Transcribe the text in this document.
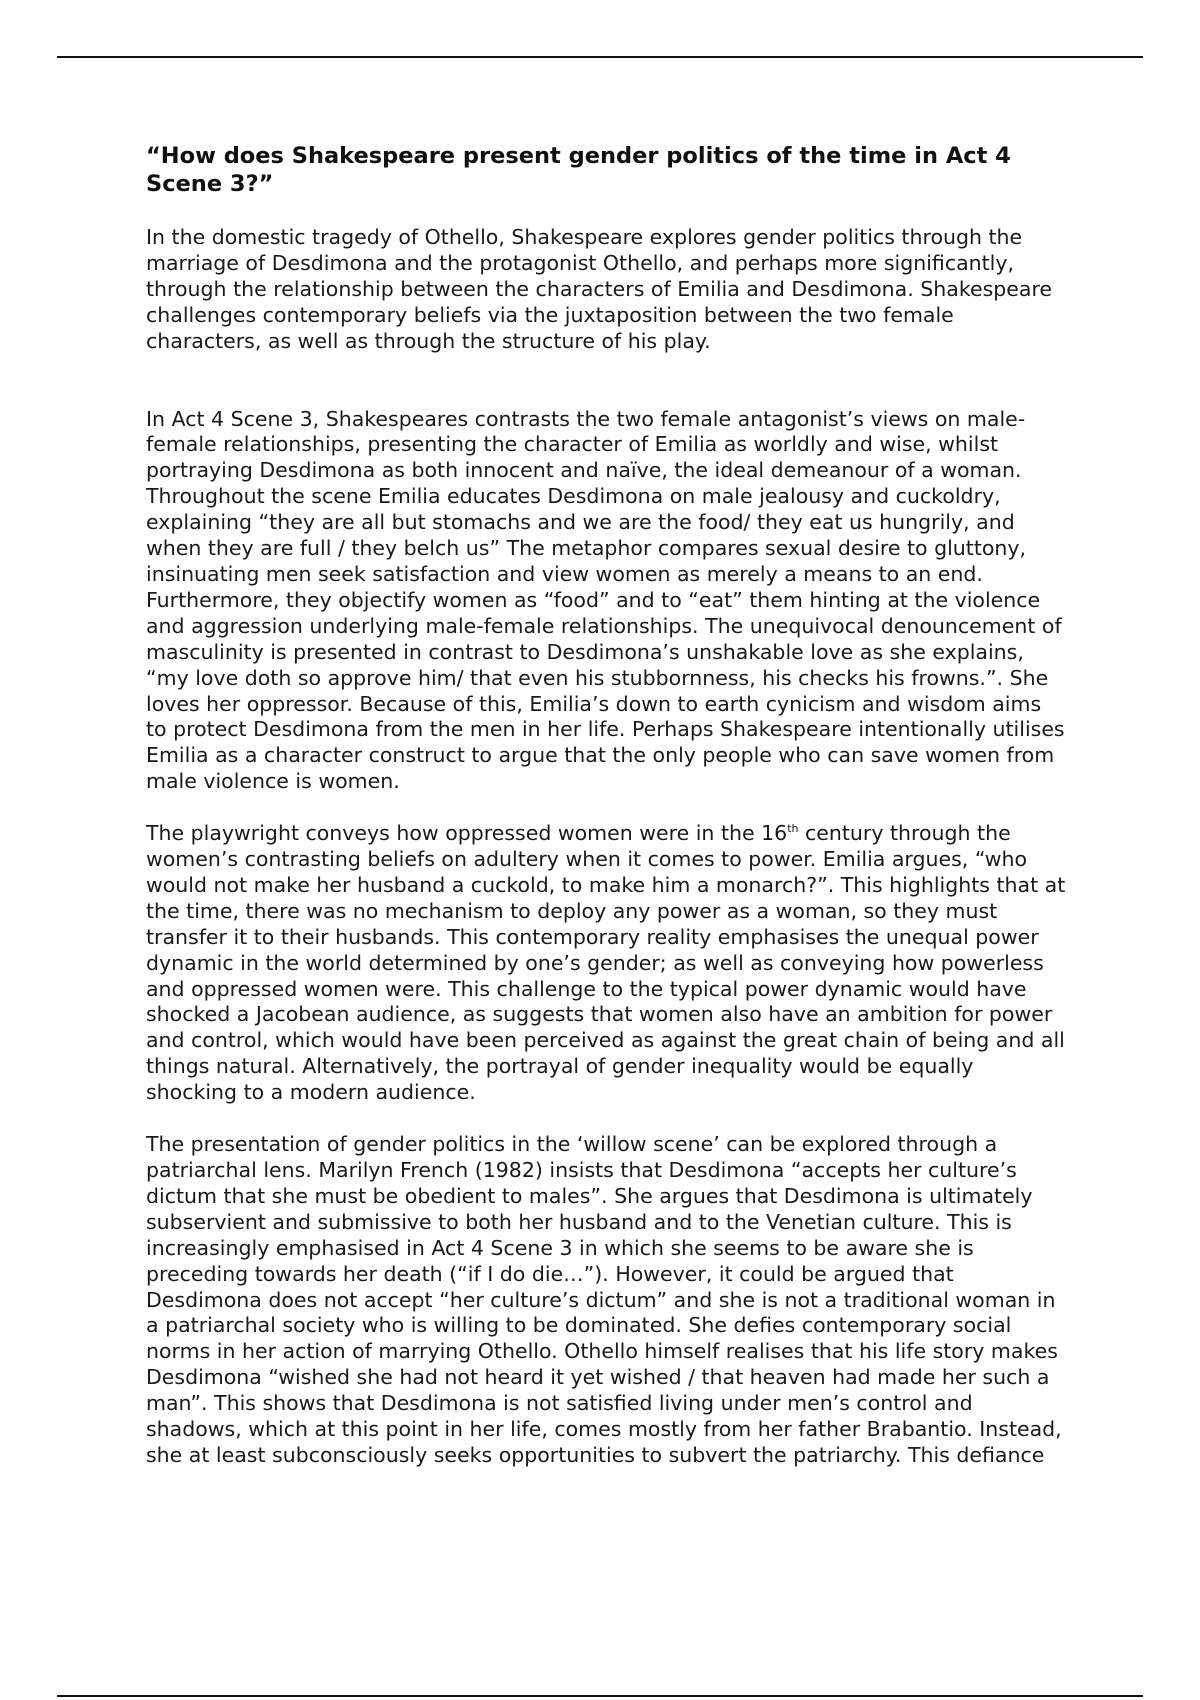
“How does Shakespeare present gender politics of the time in Act 4 Scene 3?”

In the domestic tragedy of Othello, Shakespeare explores gender politics through the marriage of Desdimona and the protagonist Othello, and perhaps more significantly, through the relationship between the characters of Emilia and Desdimona. Shakespeare challenges contemporary beliefs via the juxtaposition between the two female characters, as well as through the structure of his play.

In Act 4 Scene 3, Shakespeares contrasts the two female antagonist’s views on male-female relationships, presenting the character of Emilia as worldly and wise, whilst portraying Desdimona as both innocent and naïve, the ideal demeanour of a woman. Throughout the scene Emilia educates Desdimona on male jealousy and cuckoldry, explaining “they are all but stomachs and we are the food/ they eat us hungrily, and when they are full / they belch us” The metaphor compares sexual desire to gluttony, insinuating men seek satisfaction and view women as merely a means to an end. Furthermore, they objectify women as “food” and to “eat” them hinting at the violence and aggression underlying male-female relationships. The unequivocal denouncement of masculinity is presented in contrast to Desdimona’s unshakable love as she explains, “my love doth so approve him/ that even his stubbornness, his checks his frowns.”. She loves her oppressor. Because of this, Emilia’s down to earth cynicism and wisdom aims to protect Desdimona from the men in her life. Perhaps Shakespeare intentionally utilises Emilia as a character construct to argue that the only people who can save women from male violence is women.

The playwright conveys how oppressed women were in the 16th century through the women’s contrasting beliefs on adultery when it comes to power. Emilia argues, “who would not make her husband a cuckold, to make him a monarch?”. This highlights that at the time, there was no mechanism to deploy any power as a woman, so they must transfer it to their husbands. This contemporary reality emphasises the unequal power dynamic in the world determined by one’s gender; as well as conveying how powerless and oppressed women were. This challenge to the typical power dynamic would have shocked a Jacobean audience, as suggests that women also have an ambition for power and control, which would have been perceived as against the great chain of being and all things natural. Alternatively, the portrayal of gender inequality would be equally shocking to a modern audience.

The presentation of gender politics in the ‘willow scene’ can be explored through a patriarchal lens. Marilyn French (1982) insists that Desdimona “accepts her culture’s dictum that she must be obedient to males”. She argues that Desdimona is ultimately subservient and submissive to both her husband and to the Venetian culture. This is increasingly emphasised in Act 4 Scene 3 in which she seems to be aware she is preceding towards her death (“if I do die…”). However, it could be argued that Desdimona does not accept “her culture’s dictum” and she is not a traditional woman in a patriarchal society who is willing to be dominated. She defies contemporary social norms in her action of marrying Othello. Othello himself realises that his life story makes Desdimona “wished she had not heard it yet wished / that heaven had made her such a man”. This shows that Desdimona is not satisfied living under men’s control and shadows, which at this point in her life, comes mostly from her father Brabantio. Instead, she at least subconsciously seeks opportunities to subvert the patriarchy. This defiance
